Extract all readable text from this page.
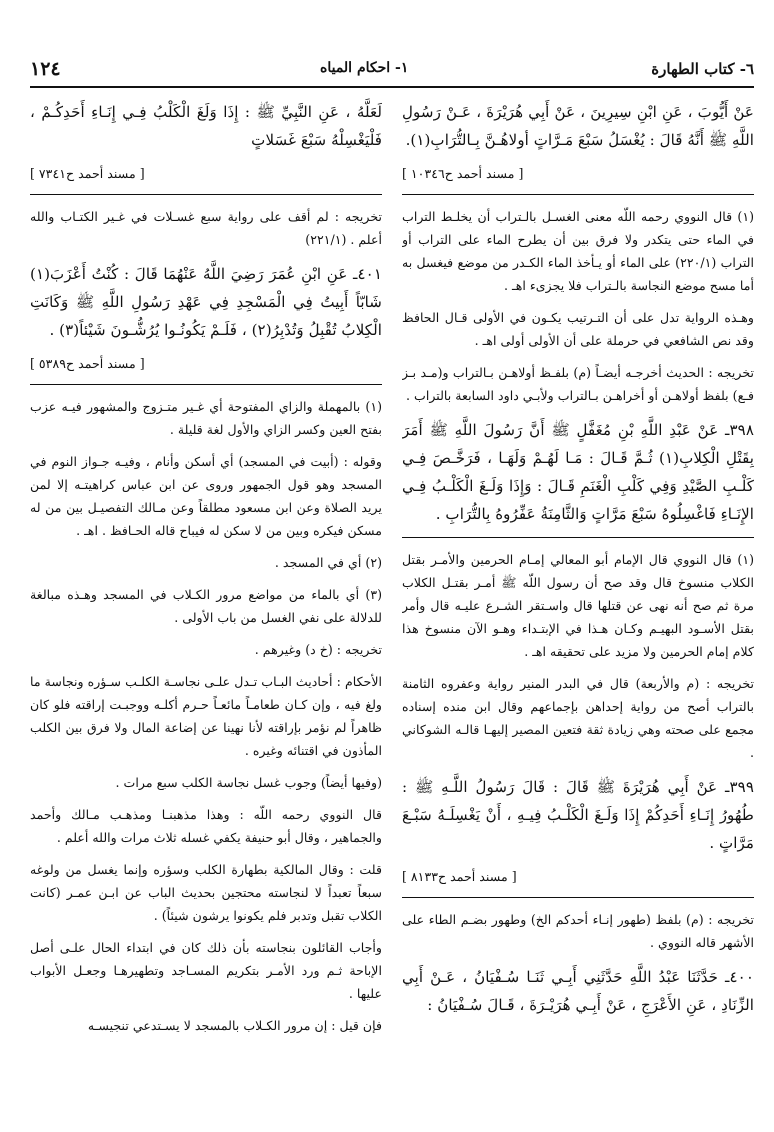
٦- كتاب الطهارة
١- احكام المياه
١٢٤

عَنْ أَيُّوبَ ، عَنِ ابْنِ سِيرِينَ ، عَنْ أَبِي هُرَيْرَةَ ، عَـنْ رَسُولِ اللَّهِ ﷺ أَنَّهُ قَالَ : يُغْسَلُ سَبْعَ مَـرَّاتٍ أولاهُـنَّ بِـالتُّرَابِ(١).

[ مسند أحمد ح١٠٣٤٦ ]

(١) قال النووي رحمه اللّه معنى الغسـل بالـتراب أن يخلـط التراب في الماء حتى يتكدر ولا فرق بين أن يطرح الماء على التراب أو التراب (٢٢٠/١) على الماء أو يـأخذ الماء الكـدر من موضع فيغسل به أما مسح موضع النجاسة بالـتراب فلا يجزىء اهـ .

وهـذه الرواية تدل على أن التـرتيب يكـون في الأولى قـال الحافظ وقد نص الشافعي في حرملة على أن الأولى أولى اهـ .

تخريجه : الحديث أخرجـه أيضـاً (م) بلفـظ أولاهـن بـالتراب و(مـد بـز فـع) بلفظ أولاهـن أو أخراهـن بـالتراب ولأبـي داود السابعة بالتراب .

٣٩٨ـ عَنْ عَبْدِ اللَّهِ بْنِ مُغَفَّلٍ ﷺ أَنَّ رَسُولَ اللَّهِ ﷺ أَمَرَ بِقَتْلِ الْكِلابِ(١) ثُـمَّ قَـالَ : مَـا لَهُـمْ وَلَهَـا ، فَرَخَّـصَ فِـي كَلْـبِ الصَّيْدِ وَفِي كَلْبِ الْغَنَمِ قَـالَ : وَإِذَا وَلَـغَ الْكَلْـبُ فِـي الإِنَـاءِ فَاغْسِلُوهُ سَبْعَ مَرَّاتٍ وَالثَّامِنَةُ عَفِّرُوهُ بِالتُّرَابِ .

(١) قال النووي قال الإمام أبو المعالي إمـام الحرمين والأمـر بقتل الكلاب منسوخ قال وقد صح أن رسول اللّه ﷺ أمـر بقتـل الكلاب مرة ثم صح أنه نهى عن قتلها قال واسـتقر الشـرع عليـه قال وأمر بقتل الأسـود البهيـم وكـان هـذا في الإبتـداء وهـو الآن منسوخ هذا كلام إمام الحرمين ولا مزيد على تحقيقه اهـ .

تخريجه : (م والأربعة) قال في البدر المنير رواية وعفروه الثامنة بالتراب أصح من رواية إحداهن بإجماعهم وقال ابن منده إسناده مجمع على صحته وهي زيادة ثقة فتعين المصير إليهـا قالـه الشوكاني .

٣٩٩ـ عَنْ أَبِي هُرَيْرَةَ ﷺ قَالَ : قَالَ رَسُولُ اللَّـهِ ﷺ : طُهُورُ إِنَـاءِ أَحَدِكُمْ إِذَا وَلَـغَ الْكَلْـبُ فِيـهِ ، أَنْ يَغْسِلَـهُ سَبْـعَ مَرَّاتٍ .

[ مسند أحمد ح٨١٣٣ ]

تخريجه : (م) بلفظ (طهور إنـاء أحدكم الخ) وطهور بضـم الطاء على الأشهر قاله النووي .

٤٠٠ـ حَدَّثَنَا عَبْدُ اللَّهِ حَدَّثَنِي أَبِـي ثَنَـا سُـفْيَانُ ، عَـنْ أَبِي الزِّنَادِ ، عَنِ الأَعْرَجِ ، عَنْ أَبِـي هُرَيْـرَةَ ، قَـالَ سُـفْيَانُ :

لَعَلَّهُ ، عَنِ النَّبِيِّ ﷺ : إِذَا وَلَغَ الْكَلْبُ فِـي إِنَـاءِ أَحَدِكُـمْ ، فَلْيَغْسِلْهُ سَبْعَ غَسَلاتٍ

[ مسند أحمد ح٧٣٤١ ]

تخريجه : لم أقف على رواية سبع غسـلات في غـير الكتـاب والله أعلم . (٢٢١/١)

٤٠١ـ عَنِ ابْنِ عُمَرَ رَضِيَ اللَّهُ عَنْهُمَا قَالَ : كُنْتُ أَعْزَبَ(١) شَابّاً أَبِيتُ فِي الْمَسْجِدِ فِي عَهْدِ رَسُولِ اللَّهِ ﷺ وَكَانَتِ الْكِلابُ تُقْبِلُ وَتُدْبِرُ(٢) ، فَلَـمْ يَكُونُـوا يُرُشُّـونَ شَيْئاً(٣) .

[ مسند أحمد ح٥٣٨٩ ]

(١) بالمهملة والزاي المفتوحة أي غـير متـزوج والمشهور فيـه عزب بفتح العين وكسر الزاي والأول لغة قليلة .

وقوله : (أبيت في المسجد) أي أسكن وأنام ، وفيـه جـواز النوم في المسجد وهو قول الجمهور وروى عن ابن عباس كراهيتـه إلا لمن يريد الصلاة وعن ابن مسعود مطلقاً وعن مـالك التفصيـل بين من له مسكن فيكره وبين من لا سكن له فيباح قاله الحـافظ . اهـ .

(٢) أي في المسجد .

(٣) أي بالماء من مواضع مرور الكـلاب في المسجد وهـذه مبالغة للدلالة على نفي الغسل من باب الأولى .

تخريجه : (خ د) وغيرهم .

الأحكام : أحاديث البـاب تـدل علـى نجاسـة الكلـب سـؤره ونجاسة ما ولغ فيه ، وإن كـان طعامـاً مائعـاً حـرم أكلـه ووجبـت إراقته فلو كان ظاهراً لم نؤمر بإراقته لأنا نهينا عن إضاعة المال ولا فرق بين الكلب المأذون في اقتنائه وغيره .

(وفيها أيضاً) وجوب غسل نجاسة الكلب سبع مرات .

قال النووي رحمه اللّه : وهذا مذهبنـا ومذهـب مـالك وأحمد والجماهير ، وقال أبو حنيفة يكفي غسله ثلاث مرات والله أعلم .

قلت : وقال المالكية بطهارة الكلب وسؤره وإنما يغسل من ولوغه سبعاً تعبداً لا لنجاسته محتجين بحديث الباب عن ابـن عمـر (كانت الكلاب تقبل وتدبر فلم يكونوا يرشون شيئاً) .

وأجاب القائلون بنجاسته بأن ذلك كان في ابتداء الحال علـى أصل الإباحة ثـم ورد الأمـر بتكريم المسـاجد وتطهيرهـا وجعـل الأبواب عليها .

فإن قيل : إن مرور الكـلاب بالمسجد لا يسـتدعي تنجيسـه
